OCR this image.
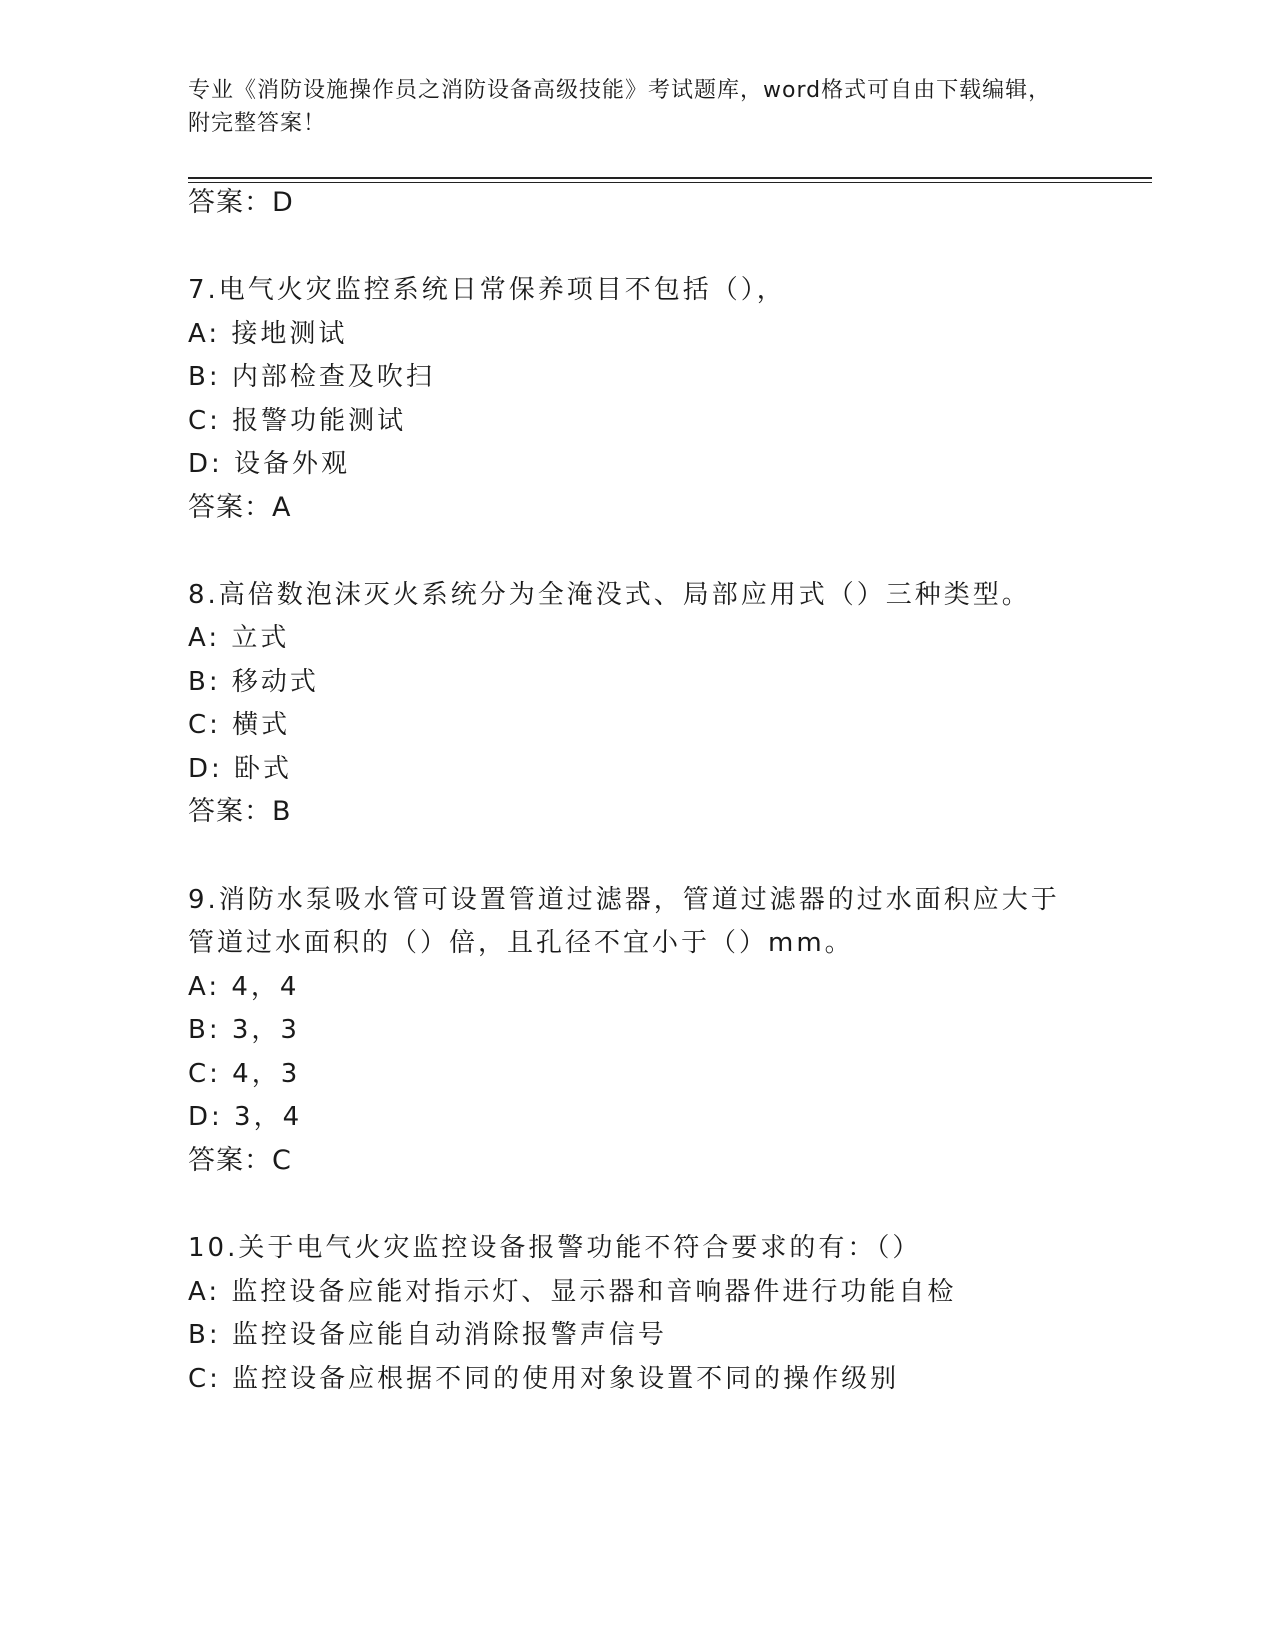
专业《消防设施操作员之消防设备高级技能》考试题库，word格式可自由下载编辑，附完整答案！
答案：D
7.电气火灾监控系统日常保养项目不包括（），
A: 接地测试
B: 内部检查及吹扫
C: 报警功能测试
D: 设备外观
答案：A
8.高倍数泡沫灭火系统分为全淹没式、局部应用式（）三种类型。
A: 立式
B: 移动式
C: 横式
D: 卧式
答案：B
9.消防水泵吸水管可设置管道过滤器，管道过滤器的过水面积应大于
管道过水面积的（）倍，且孔径不宜小于（）mm。
A: 4，4
B: 3，3
C: 4，3
D: 3，4
答案：C
10.关于电气火灾监控设备报警功能不符合要求的有：（）
A: 监控设备应能对指示灯、显示器和音响器件进行功能自检
B: 监控设备应能自动消除报警声信号
C: 监控设备应根据不同的使用对象设置不同的操作级别
